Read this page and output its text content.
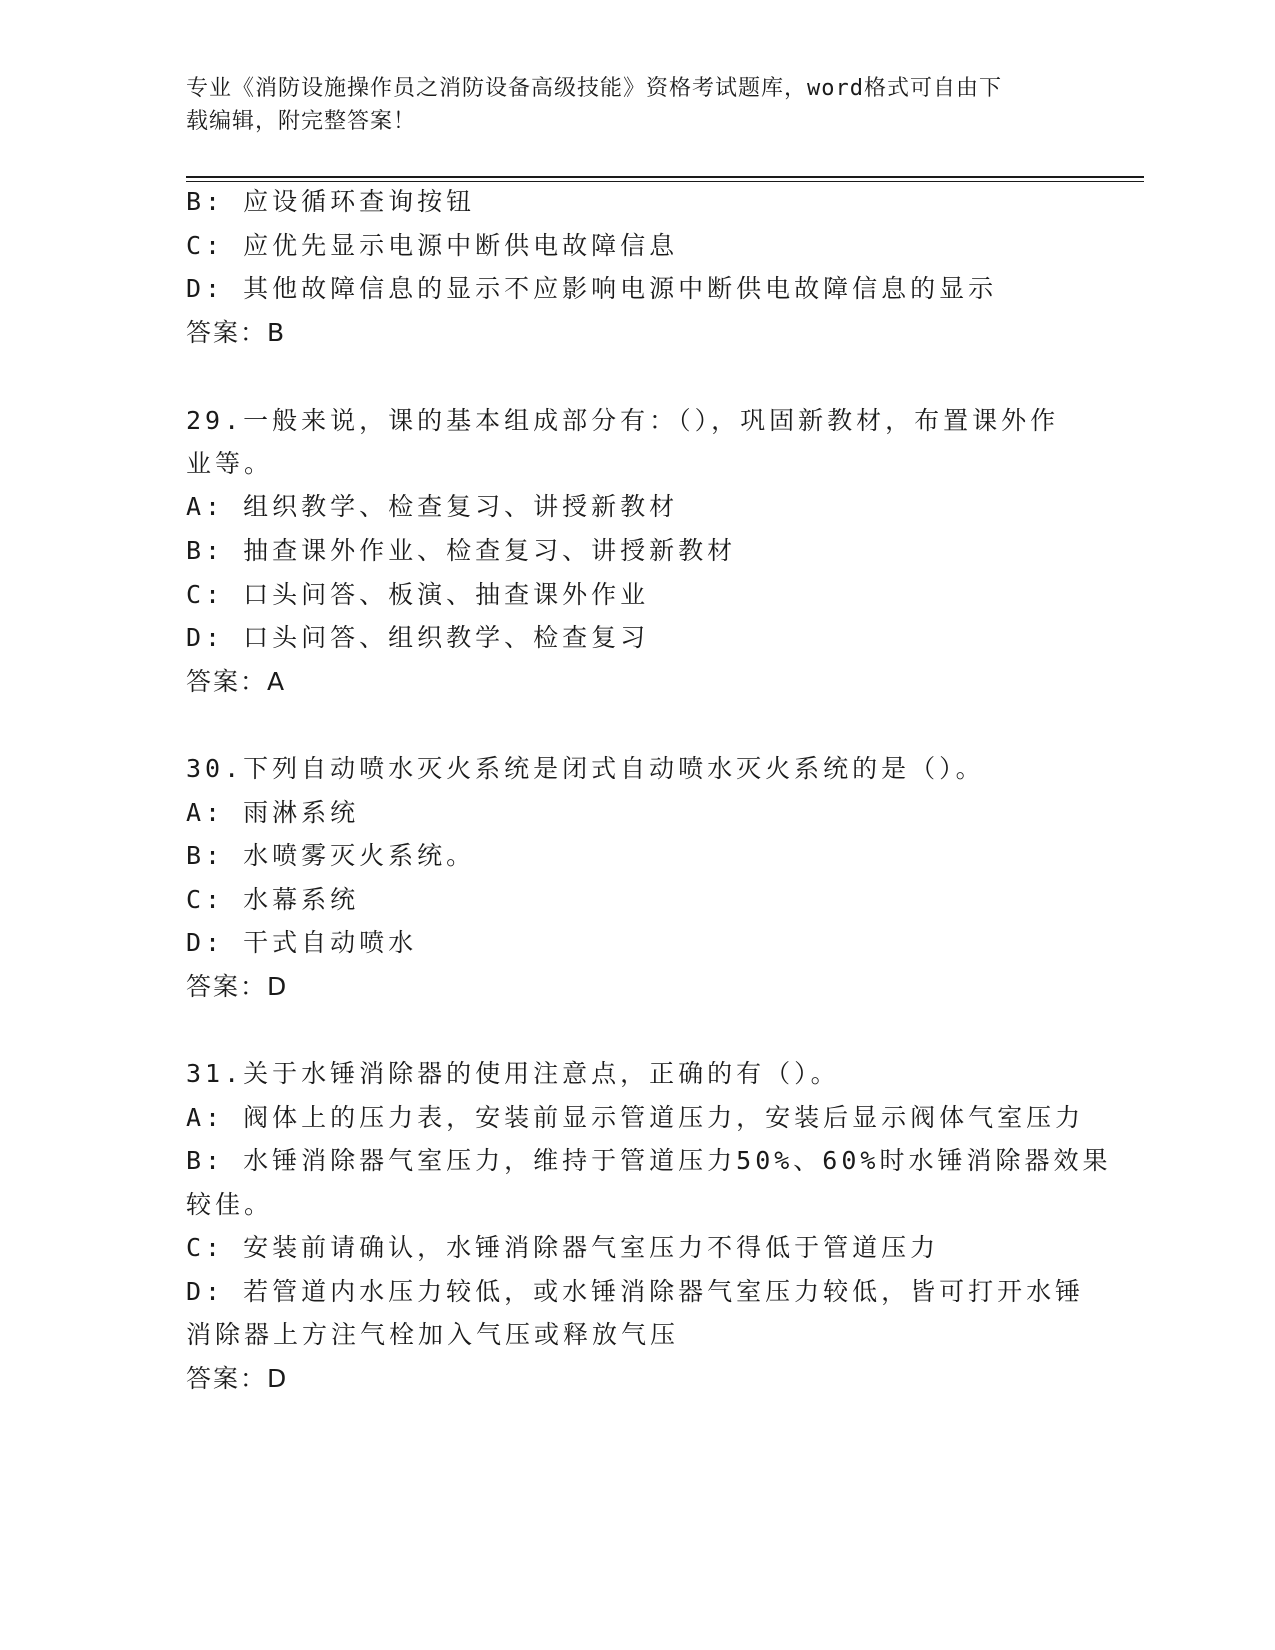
专业《消防设施操作员之消防设备高级技能》资格考试题库，word格式可自由下
载编辑，附完整答案！
B: 应设循环查询按钮
C: 应优先显示电源中断供电故障信息
D: 其他故障信息的显示不应影响电源中断供电故障信息的显示
答案：B
29.一般来说，课的基本组成部分有：（），巩固新教材，布置课外作
业等。
A: 组织教学、检查复习、讲授新教材
B: 抽查课外作业、检查复习、讲授新教材
C: 口头问答、板演、抽查课外作业
D: 口头问答、组织教学、检查复习
答案：A
30.下列自动喷水灭火系统是闭式自动喷水灭火系统的是（）。
A: 雨淋系统
B: 水喷雾灭火系统。
C: 水幕系统
D: 干式自动喷水
答案：D
31.关于水锤消除器的使用注意点，正确的有（）。
A: 阀体上的压力表，安装前显示管道压力，安装后显示阀体气室压力
B: 水锤消除器气室压力，维持于管道压力50%、60%时水锤消除器效果
较佳。
C: 安装前请确认，水锤消除器气室压力不得低于管道压力
D: 若管道内水压力较低，或水锤消除器气室压力较低，皆可打开水锤
消除器上方注气栓加入气压或释放气压
答案：D
